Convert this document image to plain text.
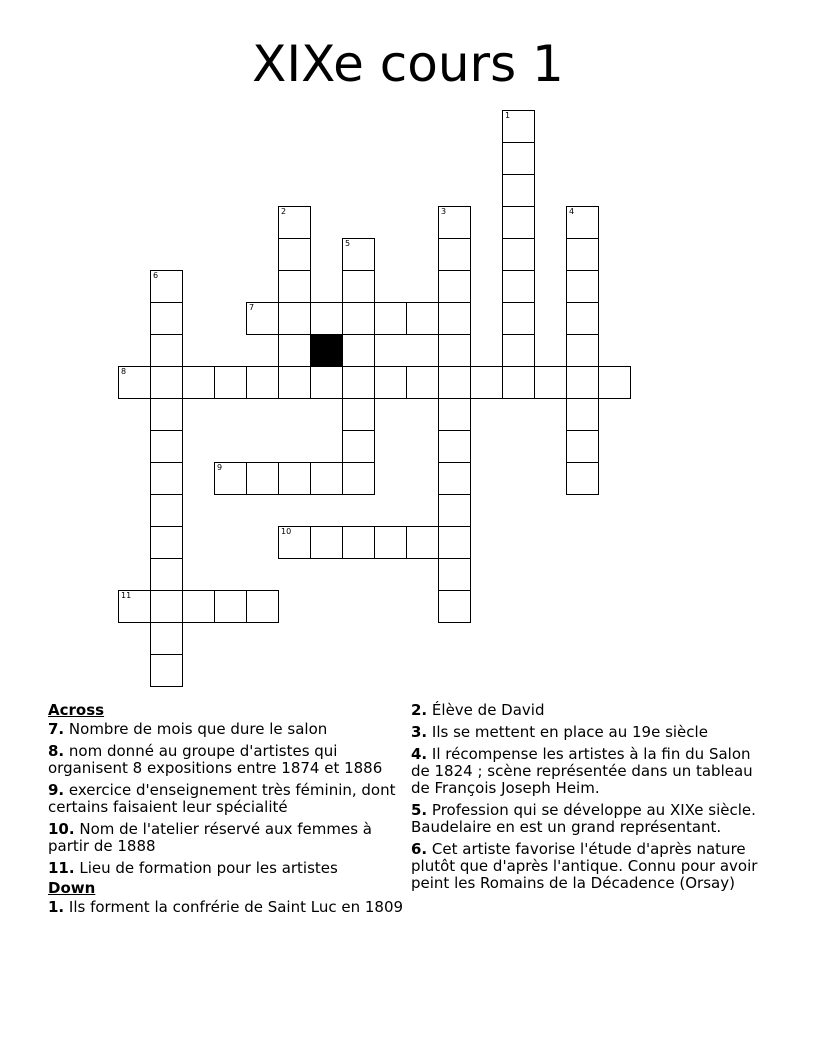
XIXe cours 1
1
2	3	4
5
6
7
8
9
10
11
Across
7. Nombre de mois que dure le salon
8. nom donné au groupe d'artistes qui organisent 8 expositions entre 1874 et 1886
9. exercice d'enseignement très féminin, dont certains faisaient leur spécialité
10. Nom de l'atelier réservé aux femmes à partir de 1888
11. Lieu de formation pour les artistes
Down
1. Ils forment la confrérie de Saint Luc en 1809
2. Élève de David
3. Ils se mettent en place au 19e siècle
4. Il récompense les artistes à la fin du Salon de 1824 ; scène représentée dans un tableau de François Joseph Heim.
5. Profession qui se développe au XIXe siècle. Baudelaire en est un grand représentant.
6. Cet artiste favorise l'étude d'après nature plutôt que d'après l'antique. Connu pour avoir peint les Romains de la Décadence (Orsay)
